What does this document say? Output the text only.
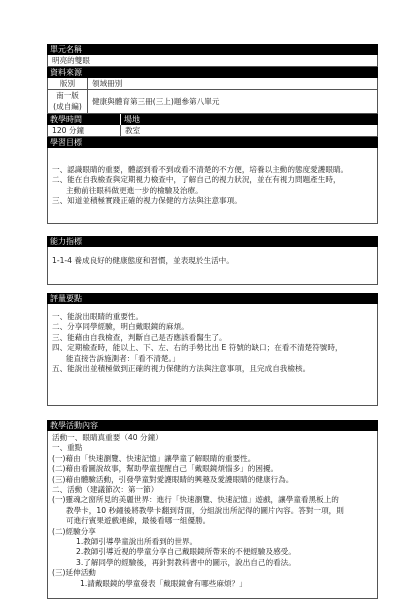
單元名稱
明亮的雙眼
資料來源
版別	領域冊別
南一版
(成自編)	健康與體育第三冊(三上)題參第八單元
教學時間	場地
120 分鐘	教室
學習目標

一、認識眼睛的重要，體認到看不到或看不清楚的不方便，培養以主動的態度愛護眼睛。

二、能在自我檢查與定期視力檢查中，了解自己的視力狀況，並在有視力問題產生時，

主動前往眼科做更進一步的檢驗及治療。

三、知道並積極實踐正確的視力保健的方法與注意事項。

能力指標

1-1-4 養成良好的健康態度和習慣，並表現於生活中。

評量要點

一、能說出眼睛的重要性。

二、分享同學經驗，明白戴眼鏡的麻煩。

三、能藉由自我檢查，判斷自己是否應該看醫生了。

四、定期檢查時，能以上、下、左、右的手勢比出 E 符號的缺口；在看不清楚符號時，

能直接告訴施測者：「看不清楚。」

五、能說出並積極做到正確的視力保健的方法與注意事項，且完成自我檢核。

教學活動內容

活動一、眼睛真重要（40 分鐘）

一、重點

(一)藉由「快速瀏覽、快速記憶」讓學童了解眼睛的重要性。

(二)藉由看圖說故事，幫助學童提醒自己「戴眼鏡煩惱多」的困擾。

(三)藉由體驗活動，引發學童對愛護眼睛的興趣及愛護眼睛的健康行為。

二、活動（建議節次：第一節）

(一)靈魂之窗所見的美麗世界：進行「快速瀏覽、快速記憶」遊戲，讓學童看黑板上的

教學卡，10 秒鐘後將教學卡翻到背面，分組說出所記得的圖片內容。答對一項，則

可進行賓果遊戲連線，最後看哪一組優勝。

(二)經驗分享

1.教師引導學童說出所看到的世界。

2.教師引導近視的學童分享自己戴眼鏡所帶來的不便經驗及感受。

3.了解同學的經驗後，再針對教科書中的圖示，說出自己的看法。

(三)延伸活動

1.請戴眼鏡的學童發表「戴眼鏡會有哪些麻煩？」
